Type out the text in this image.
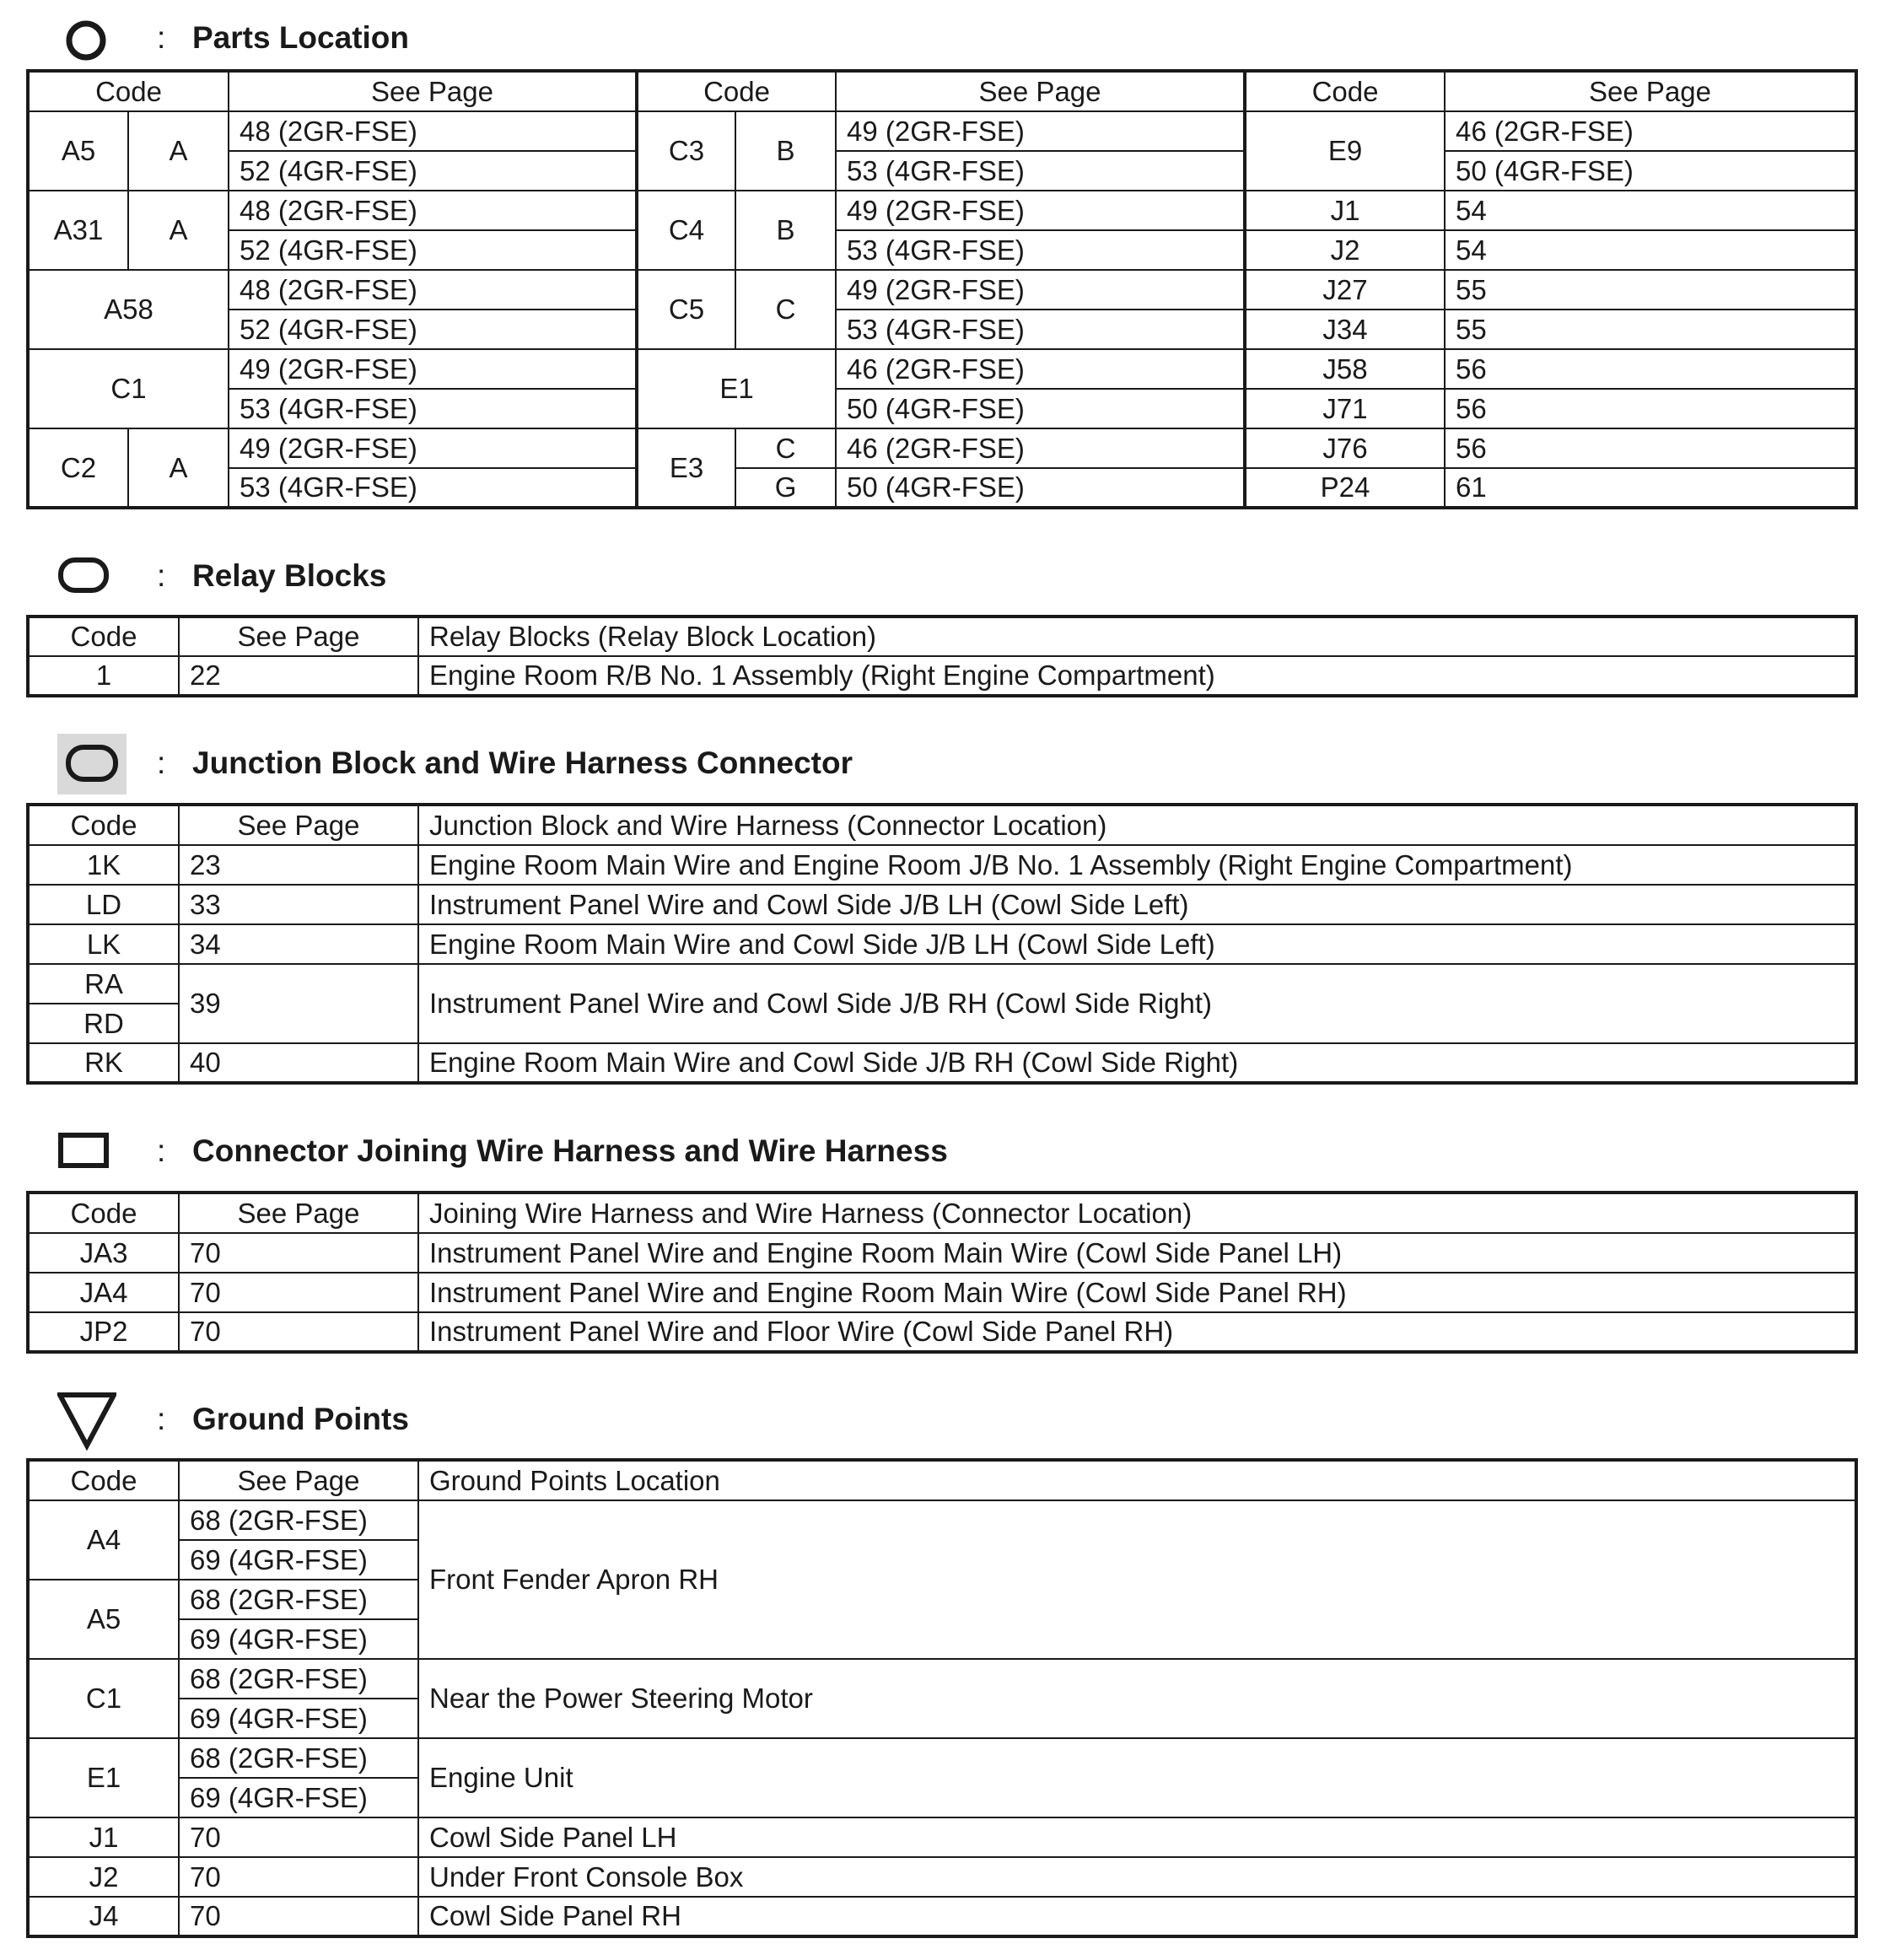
: Parts Location
Code		See Page	Code		See Page	Code	See Page
A5	A	48 (2GR-FSE)	C3	B	49 (2GR-FSE)	E9	46 (2GR-FSE)
		52 (4GR-FSE)			53 (4GR-FSE)		50 (4GR-FSE)
A31	A	48 (2GR-FSE)	C4	B	49 (2GR-FSE)	J1	54
		52 (4GR-FSE)			53 (4GR-FSE)	J2	54
A58		48 (2GR-FSE)	C5	C	49 (2GR-FSE)	J27	55
		52 (4GR-FSE)			53 (4GR-FSE)	J34	55
C1		49 (2GR-FSE)	E1		46 (2GR-FSE)	J58	56
		53 (4GR-FSE)			50 (4GR-FSE)	J71	56
C2	A	49 (2GR-FSE)	E3	C	46 (2GR-FSE)	J76	56
		53 (4GR-FSE)		G	50 (4GR-FSE)	P24	61
: Relay Blocks
Code	See Page	Relay Blocks (Relay Block Location)
1	22	Engine Room R/B No. 1 Assembly (Right Engine Compartment)
: Junction Block and Wire Harness Connector
Code	See Page	Junction Block and Wire Harness (Connector Location)
1K	23	Engine Room Main Wire and Engine Room J/B No. 1 Assembly (Right Engine Compartment)
LD	33	Instrument Panel Wire and Cowl Side J/B LH (Cowl Side Left)
LK	34	Engine Room Main Wire and Cowl Side J/B LH (Cowl Side Left)
RA	39	Instrument Panel Wire and Cowl Side J/B RH (Cowl Side Right)
RD		
RK	40	Engine Room Main Wire and Cowl Side J/B RH (Cowl Side Right)
: Connector Joining Wire Harness and Wire Harness
Code	See Page	Joining Wire Harness and Wire Harness (Connector Location)
JA3	70	Instrument Panel Wire and Engine Room Main Wire (Cowl Side Panel LH)
JA4	70	Instrument Panel Wire and Engine Room Main Wire (Cowl Side Panel RH)
JP2	70	Instrument Panel Wire and Floor Wire (Cowl Side Panel RH)
: Ground Points
Code	See Page	Ground Points Location
A4	68 (2GR-FSE)	Front Fender Apron RH
	69 (4GR-FSE)	
A5	68 (2GR-FSE)	
	69 (4GR-FSE)	
C1	68 (2GR-FSE)	Near the Power Steering Motor
	69 (4GR-FSE)	
E1	68 (2GR-FSE)	Engine Unit
	69 (4GR-FSE)	
J1	70	Cowl Side Panel LH
J2	70	Under Front Console Box
J4	70	Cowl Side Panel RH
